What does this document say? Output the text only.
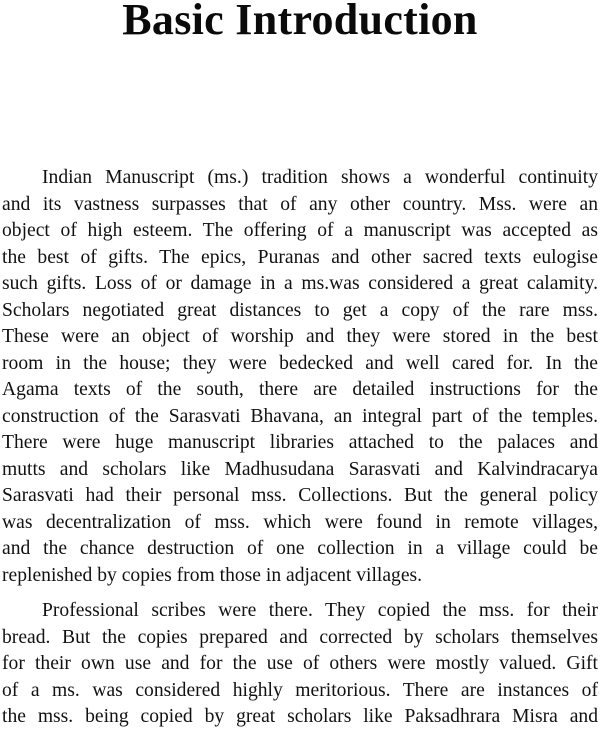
Basic Introduction

Indian Manuscript (ms.) tradition shows a wonderful continuity
and its vastness surpasses that of any other country. Mss. were an
object of high esteem. The offering of a manuscript was accepted as
the best of gifts. The epics, Puranas and other sacred texts eulogise
such gifts. Loss of or damage in a ms.was considered a great calamity.
Scholars negotiated great distances to get a copy of the rare mss.
These were an object of worship and they were stored in the best
room in the house; they were bedecked and well cared for. In the
Agama texts of the south, there are detailed instructions for the
construction of the Sarasvati Bhavana, an integral part of the temples.
There were huge manuscript libraries attached to the palaces and
mutts and scholars like Madhusudana Sarasvati and Kalvindracarya
Sarasvati had their personal mss. Collections. But the general policy
was decentralization of mss. which were found in remote villages,
and the chance destruction of one collection in a village could be
replenished by copies from those in adjacent villages.

Professional scribes were there. They copied the mss. for their
bread. But the copies prepared and corrected by scholars themselves
for their own use and for the use of others were mostly valued. Gift
of a ms. was considered highly meritorious. There are instances of
the mss. being copied by great scholars like Paksadhrara Misra and
